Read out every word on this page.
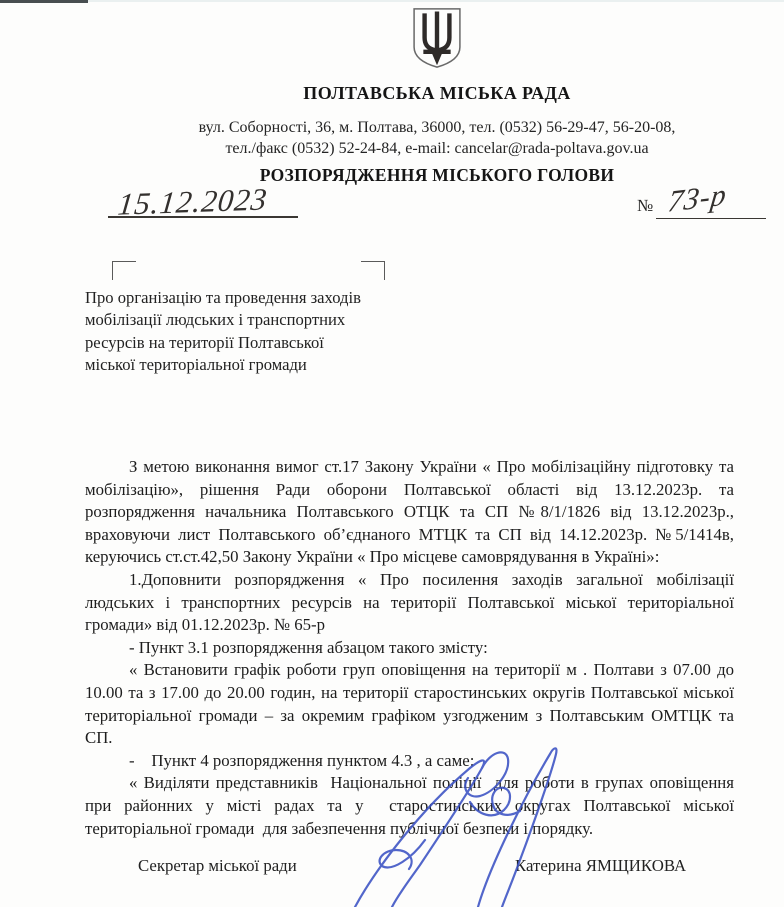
ПОЛТАВСЬКА МІСЬКА РАДА
вул. Соборності, 36, м. Полтава, 36000, тел. (0532) 56-29-47, 56-20-08,
тел./факс (0532) 52-24-84, e-mail: cancelar@rada-poltava.gov.ua
РОЗПОРЯДЖЕННЯ МІСЬКОГО ГОЛОВИ
15.12.2023	№ 73-р
Про організацію та проведення заходів
мобілізації людських і транспортних
ресурсів на території Полтавської
міської територіальної громади

З метою виконання вимог ст.17 Закону України « Про мобілізаційну підготовку та мобілізацію», рішення Ради оборони Полтавської області від 13.12.2023р. та розпорядження начальника Полтавського ОТЦК та СП №8/1/1826 від 13.12.2023р., враховуючи лист Полтавського об’єднаного МТЦК та СП від 14.12.2023р. №5/1414в, керуючись ст.ст.42,50 Закону України « Про місцеве самоврядування в Україні»:

1.Доповнити розпорядження « Про посилення заходів загальної мобілізації людських і транспортних ресурсів на території Полтавської міської територіальної громади» від 01.12.2023р. № 65-р

- Пункт 3.1 розпорядження абзацом такого змісту:

« Встановити графік роботи груп оповіщення на території м . Полтави з 07.00 до 10.00 та з 17.00 до 20.00 годин, на території старостинських округів Полтавської міської територіальної громади – за окремим графіком узгодженим з Полтавським ОМТЦК та СП.

-    Пункт 4 розпорядження пунктом 4.3 , а саме:

« Виділяти представників  Національної поліції  для роботи в групах оповіщення при районних у місті радах та у  старостинських округах Полтавської міської територіальної громади  для забезпечення публічної безпеки і порядку.

Секретар міської ради	Катерина ЯМЩИКОВА
